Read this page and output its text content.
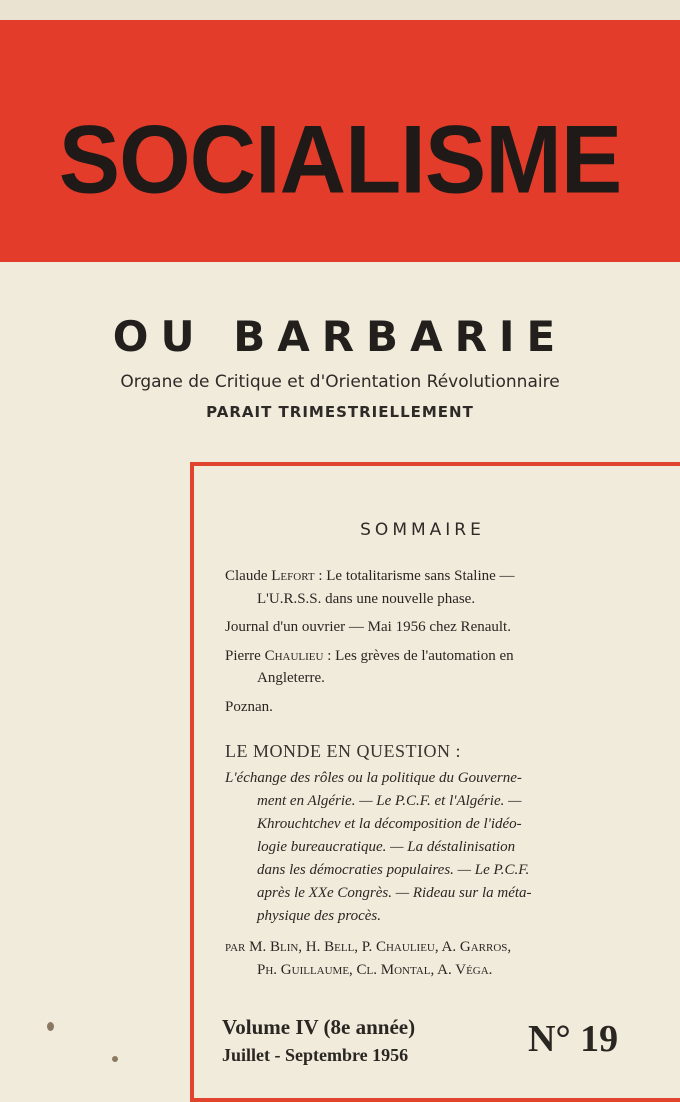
SOCIALISME
OU BARBARIE
Organe de Critique et d'Orientation Révolutionnaire
PARAIT TRIMESTRIELLEMENT
SOMMAIRE

Claude Lefort : Le totalitarisme sans Staline —

L'U.R.S.S. dans une nouvelle phase.

Journal d'un ouvrier — Mai 1956 chez Renault.

Pierre Chaulieu : Les grèves de l'automation en

Angleterre.

Poznan.

LE MONDE EN QUESTION :
L'échange des rôles ou la politique du Gouverne-
ment en Algérie. — Le P.C.F. et l'Algérie. —
Khrouchtchev et la décomposition de l'idéo-
logie bureaucratique. — La déstalinisation
dans les démocraties populaires. — Le P.C.F.
après le XXe Congrès. — Rideau sur la méta-
physique des procès.
par M. Blin, H. Bell, P. Chaulieu, A. Garros,
Ph. Guillaume, Cl. Montal, A. Véga.
Volume IV (8e année)
Juillet - Septembre 1956	N° 19
